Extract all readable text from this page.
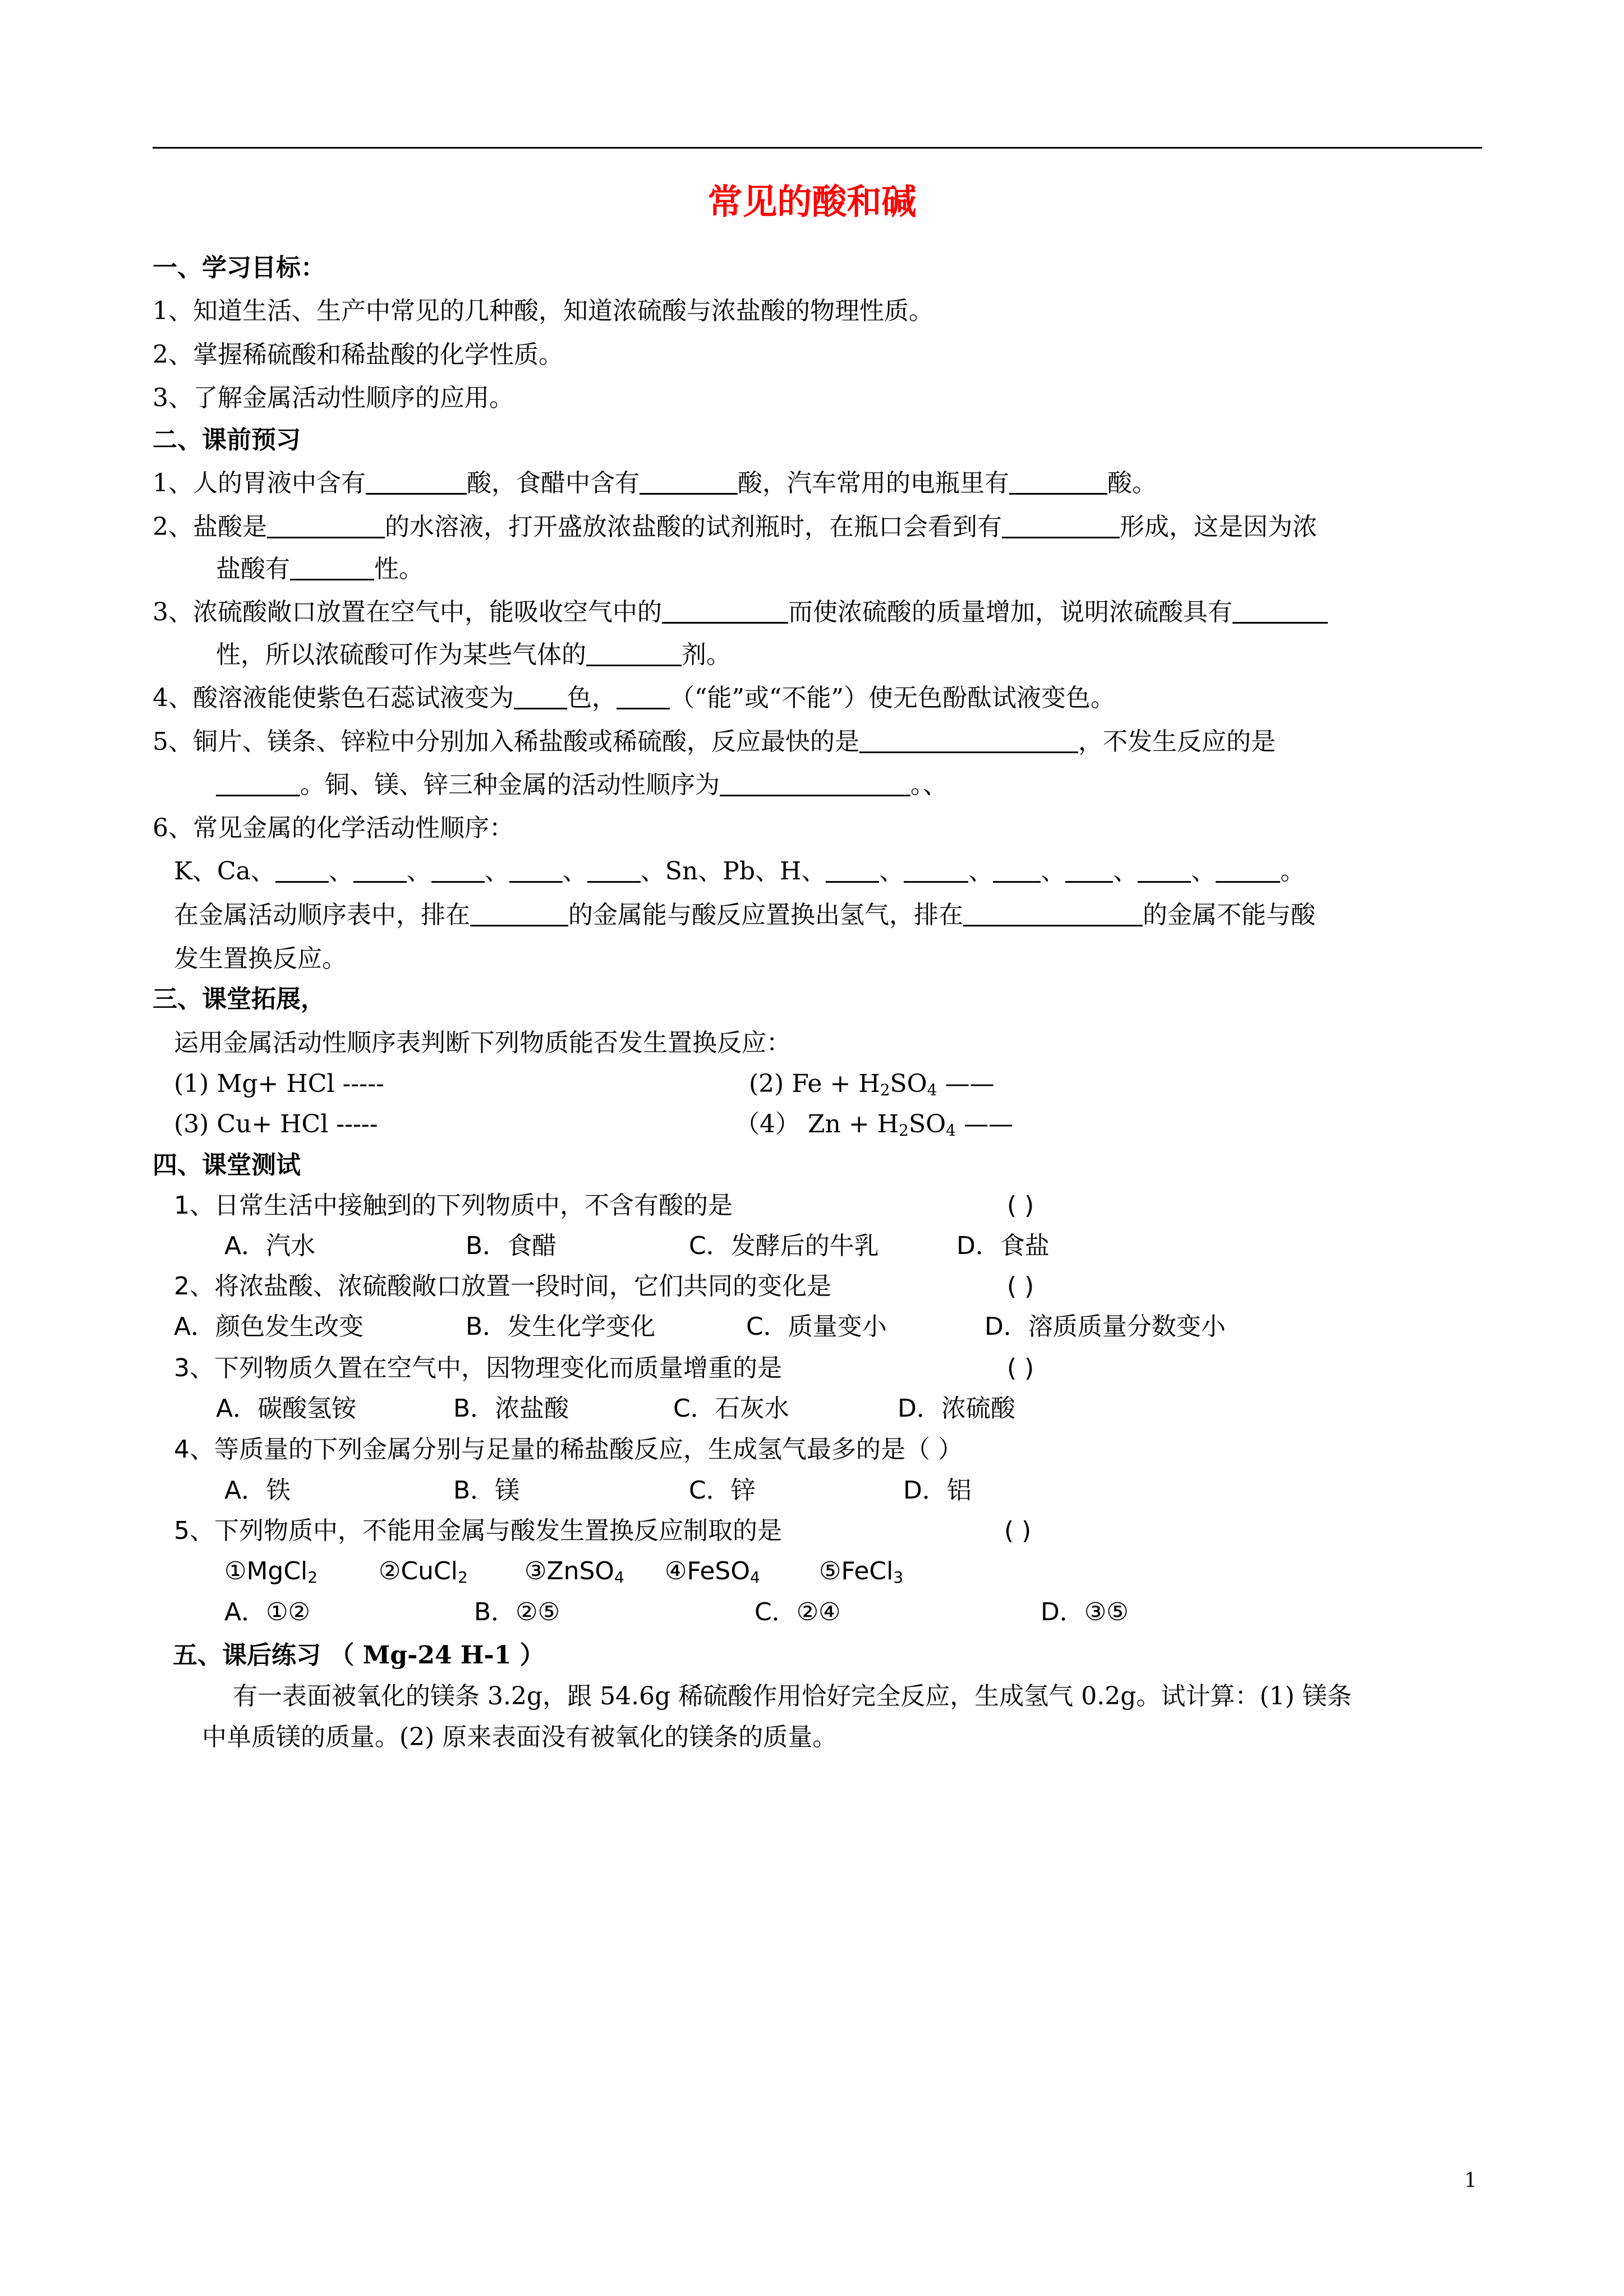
常见的酸和碱
一、学习目标：
1、知道生活、生产中常见的几种酸，知道浓硫酸与浓盐酸的物理性质。
2、掌握稀硫酸和稀盐酸的化学性质。
3、了解金属活动性顺序的应用。
二、课前预习
1、人的胃液中含有	酸，食醋中含有	酸，汽车常用的电瓶里有	酸。
2、盐酸是	的水溶液，打开盛放浓盐酸的试剂瓶时，在瓶口会看到有	形成，这是因为浓
盐酸有	性。
3、浓硫酸敞口放置在空气中，能吸收空气中的	而使浓硫酸的质量增加，说明浓硫酸具有
性，所以浓硫酸可作为某些气体的	剂。
4、酸溶液能使紫色石蕊试液变为 色， （“能”或“不能”）使无色酚酞试液变色。
5、铜片、镁条、锌粒中分别加入稀盐酸或稀硫酸，反应最快的是	，不发生反应的是
。铜、镁、锌三种金属的活动性顺序为	。、
6、常见金属的化学活动性顺序：
K、Ca、 、 、 、 、 、Sn、Pb、H、 、	、 、 、 、	。
在金属活动顺序表中，排在	的金属能与酸反应置换出氢气，排在	的金属不能与酸
发生置换反应。
三、课堂拓展，
运用金属活动性顺序表判断下列物质能否发生置换反应：
(1) Mg+ HCl -----	(2) $Fe + H_2SO_4$ ——
(3) Cu+ HCl -----	（4） $Zn + H_2SO_4$ ——
四、课堂测试
1、日常生活中接触到的下列物质中，不含有酸的是	( )
A．汽水	B．食醋	C．发酵后的牛乳	D．食盐
2、将浓盐酸、浓硫酸敞口放置一段时间，它们共同的变化是	( )
A．颜色发生改变	B．发生化学变化	C．质量变小	D．溶质质量分数变小
3、下列物质久置在空气中，因物理变化而质量增重的是	( )
A．碳酸氢铵	B．浓盐酸	C．石灰水	D．浓硫酸
4、等质量的下列金属分别与足量的稀盐酸反应，生成氢气最多的是（ ）
A．铁	B．镁	C．锌	D．铝
5、下列物质中，不能用金属与酸发生置换反应制取的是	( )
①MgCl$_2$ ②CuCl$_2$ ③ZnSO$_4$ ④FeSO$_4$ ⑤FeCl$_3$
A．①②	B．②⑤	C．②④	D．③⑤
五、课后练习 （ Mg-24 H-1 ）
有一表面被氧化的镁条 3.2g，跟 54.6g 稀硫酸作用恰好完全反应，生成氢气 0.2g。试计算：(1) 镁条
中单质镁的质量。(2) 原来表面没有被氧化的镁条的质量。
1
